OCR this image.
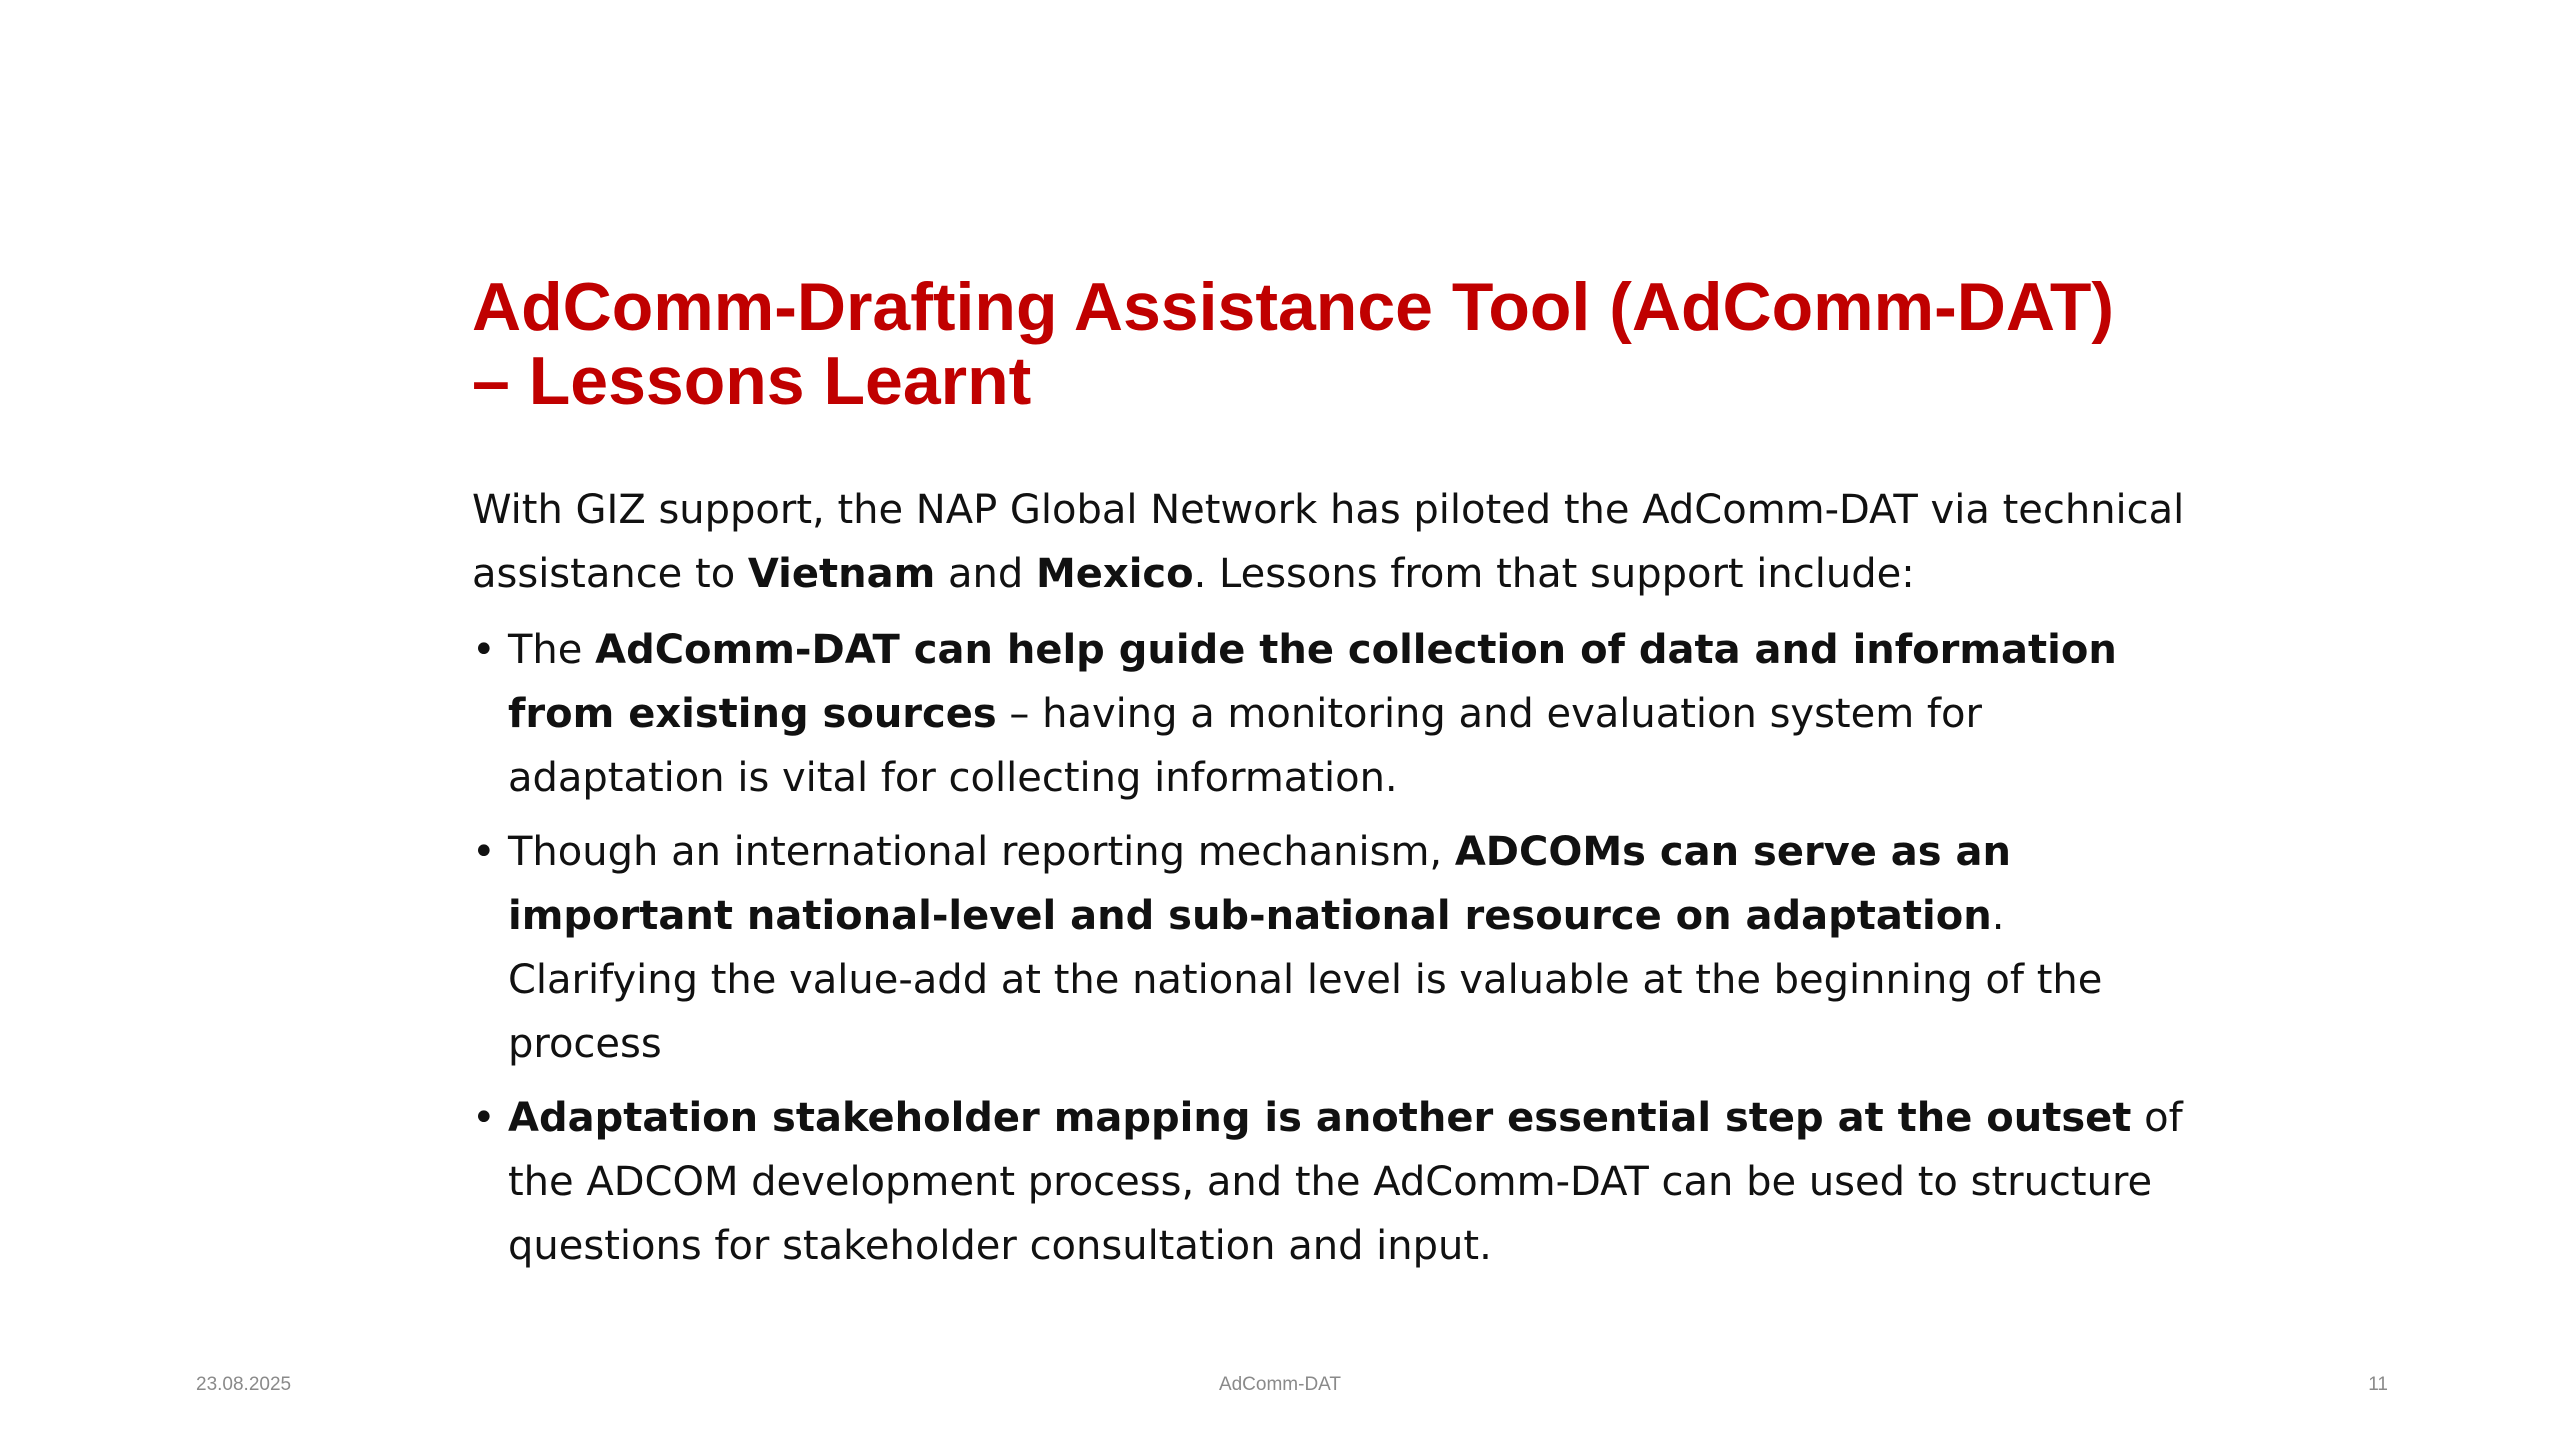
AdComm-Drafting Assistance Tool (AdComm-DAT)
– Lessons Learnt

With GIZ support, the NAP Global Network has piloted the AdComm-DAT via technical assistance to Vietnam and Mexico. Lessons from that support include:

• The AdComm-DAT can help guide the collection of data and information from existing sources – having a monitoring and evaluation system for adaptation is vital for collecting information.
• Though an international reporting mechanism, ADCOMs can serve as an important national-level and sub-national resource on adaptation. Clarifying the value-add at the national level is valuable at the beginning of the process
• Adaptation stakeholder mapping is another essential step at the outset of the ADCOM development process, and the AdComm-DAT can be used to structure questions for stakeholder consultation and input.
23.08.2025	AdComm-DAT	11
